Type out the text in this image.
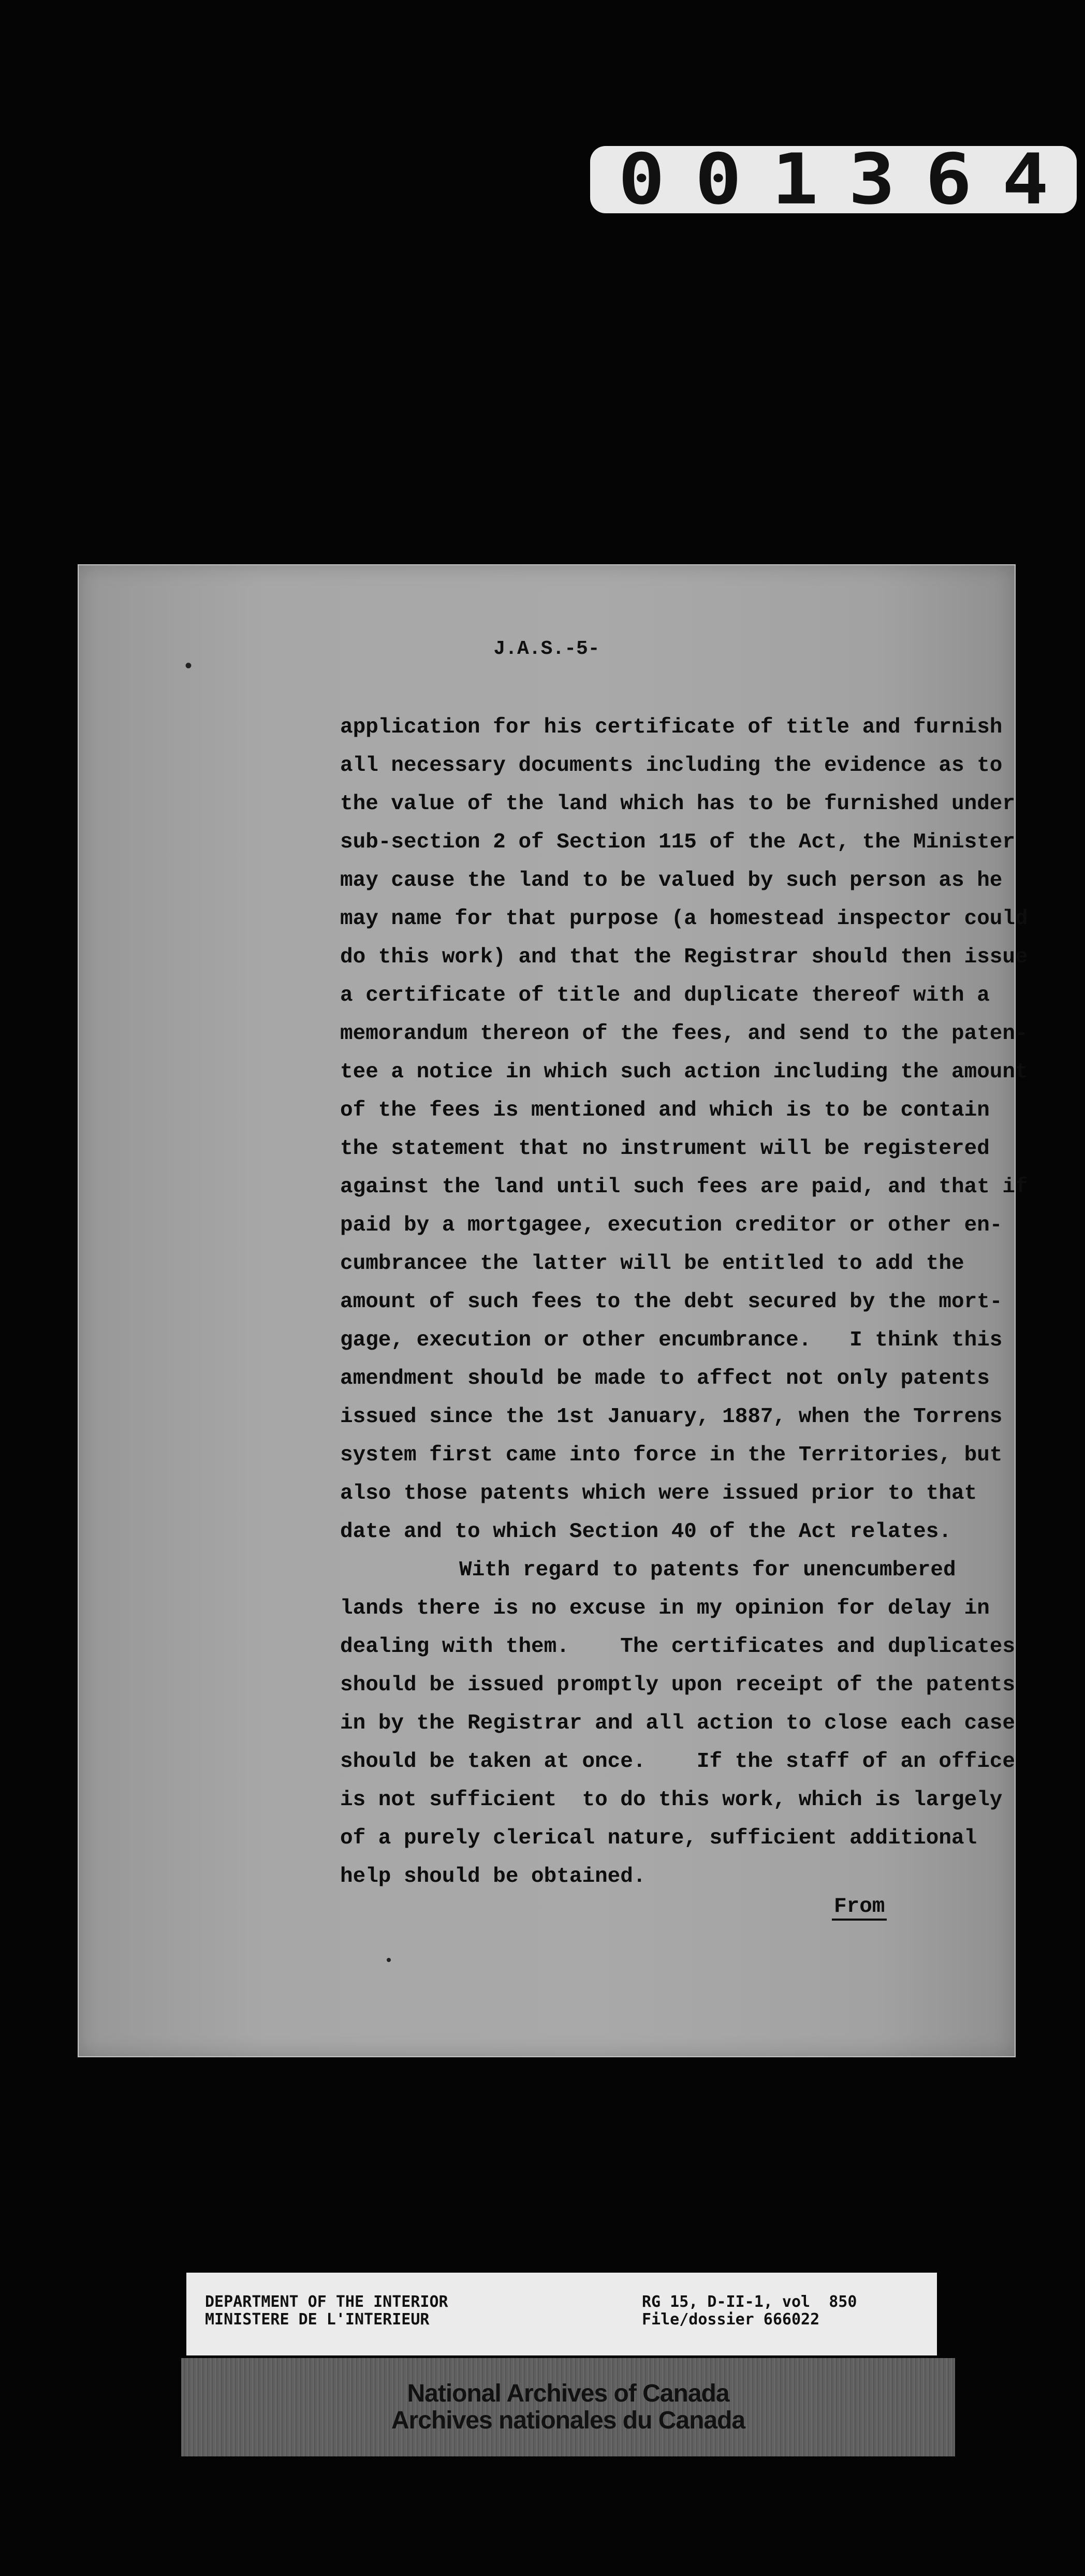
001364
•
J.A.S.-5-
application for his certificate of title and furnish
all necessary documents including the evidence as to
the value of the land which has to be furnished under
sub-section 2 of Section 115 of the Act, the Minister
may cause the land to be valued by such person as he
may name for that purpose (a homestead inspector could
do this work) and that the Registrar should then issue
a certificate of title and duplicate thereof with a
memorandum thereon of the fees, and send to the paten-
tee a notice in which such action including the amount
of the fees is mentioned and which is to be contain
the statement that no instrument will be registered
against the land until such fees are paid, and that if
paid by a mortgagee, execution creditor or other en-
cumbrancee the latter will be entitled to add the
amount of such fees to the debt secured by the mort-
gage, execution or other encumbrance.   I think this
amendment should be made to affect not only patents
issued since the 1st January, 1887, when the Torrens
system first came into force in the Territories, but
also those patents which were issued prior to that
date and to which Section 40 of the Act relates.
With regard to patents for unencumbered
lands there is no excuse in my opinion for delay in
dealing with them.    The certificates and duplicates
should be issued promptly upon receipt of the patents
in by the Registrar and all action to close each case
should be taken at once.    If the staff of an office
is not sufficient  to do this work, which is largely
of a purely clerical nature, sufficient additional
help should be obtained.
From
DEPARTMENT OF THE INTERIOR
MINISTERE DE L'INTERIEUR
RG 15, D-II-1, vol  850
File/dossier 666022
National Archives of Canada
Archives nationales du Canada
